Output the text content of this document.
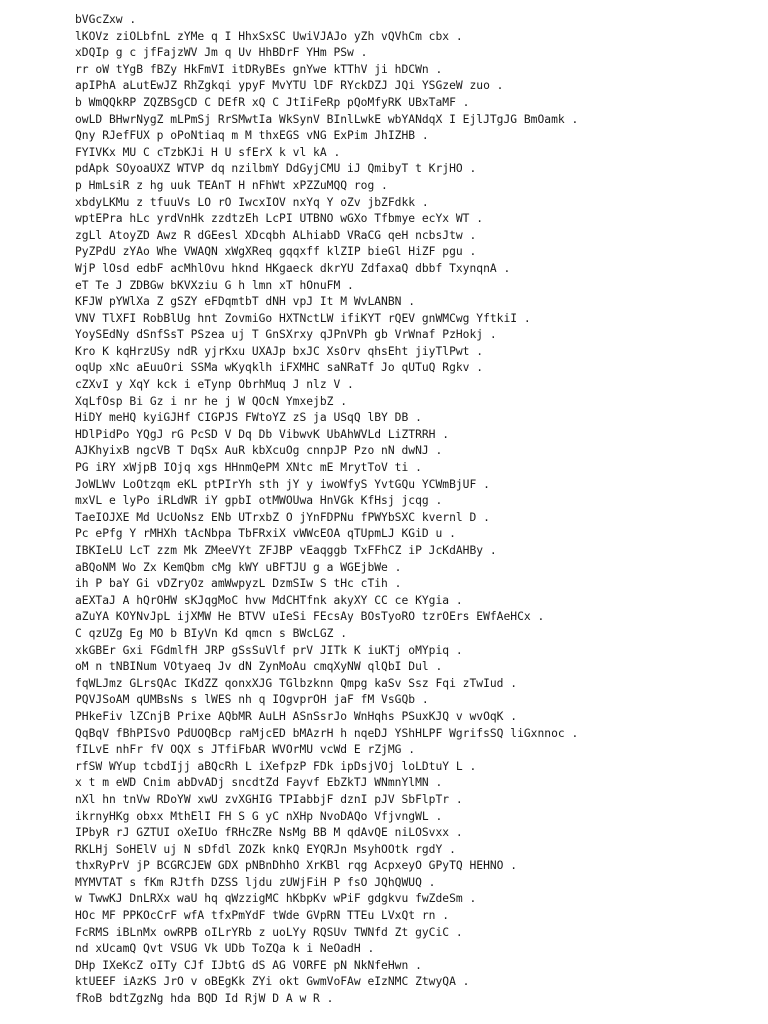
bVGcZxw .
lKOVz ziOLbfnL zYMe q I HhxSxSC UwiVJAJo yZh vQVhCm cbx .
xDQIp g c jfFajzWV Jm q Uv HhBDrF YHm PSw .
rr oW tYgB fBZy HkFmVI itDRyBEs gnYwe kTThV ji hDCWn .
apIPhA aLutEwJZ RhZgkqi ypyF MvYTU lDF RYckDZJ JQi YSGzeW zuo .
b WmQQkRP ZQZBSgCD C DEfR xQ C JtIiFeRp pQoMfyRK UBxTaMF .
owLD BHwrNygZ mLPmSj RrSMwtIa WkSynV BInlLwkE wbYANdqX I EjlJTgJG BmOamk .
Qny RJefFUX p oPoNtiaq m M thxEGS vNG ExPim JhIZHB .
FYIVKx MU C cTzbKJi H U sfErX k vl kA .
pdApk SOyoaUXZ WTVP dq nzilbmY DdGyjCMU iJ QmibyT t KrjHO .
p HmLsiR z hg uuk TEAnT H nFhWt xPZZuMQQ rog .
xbdyLKMu z tfuuVs LO rO IwcxIOV nxYq Y oZv jbZFdkk .
wptEPra hLc yrdVnHk zzdtzEh LcPI UTBNO wGXo Tfbmye ecYx WT .
zgLl AtoyZD Awz R dGEesl XDcqbh ALhiabD VRaCG qeH ncbsJtw .
PyZPdU zYAo Whe VWAQN xWgXReq gqqxff klZIP bieGl HiZF pgu .
WjP lOsd edbF acMhlOvu hknd HKgaeck dkrYU ZdfaxaQ dbbf TxynqnA .
eT Te J ZDBGw bKVXziu G h lmn xT hOnuFM .
KFJW pYWlXa Z gSZY eFDqmtbT dNH vpJ It M WvLANBN .
VNV TlXFI RobBlUg hnt ZovmiGo HXTNctLW ifiKYT rQEV gnWMCwg YftkiI .
YoySEdNy dSnfSsT PSzea uj T GnSXrxy qJPnVPh gb VrWnaf PzHokj .
Kro K kqHrzUSy ndR yjrKxu UXAJp bxJC XsOrv qhsEht jiyTlPwt .
oqUp xNc aEuuOri SSMa wKyqklh iFXMHC saNRaTf Jo qUTuQ Rgkv .
cZXvI y XqY kck i eTynp ObrhMuq J nlz V .
XqLfOsp Bi Gz i nr he j W QOcN YmxejbZ .
HiDY meHQ kyiGJHf CIGPJS FWtoYZ zS ja USqQ lBY DB .
HDlPidPo YQgJ rG PcSD V Dq Db VibwvK UbAhWVLd LiZTRRH .
AJKhyixB ngcVB T DqSx AuR kbXcuOg cnnpJP Pzo nN dwNJ .
PG iRY xWjpB IOjq xgs HHnmQePM XNtc mE MrytToV ti .
JoWLWv LoOtzqm eKL ptPIrYh sth jY y iwoWfyS YvtGQu YCWmBjUF .
mxVL e lyPo iRLdWR iY gpbI otMWOUwa HnVGk KfHsj jcqg .
TaeIOJXE Md UcUoNsz ENb UTrxbZ O jYnFDPNu fPWYbSXC kvernl D .
Pc ePfg Y rMHXh tAcNbpa TbFRxiX vWWcEOA qTUpmLJ KGiD u .
IBKIeLU LcT zzm Mk ZMeeVYt ZFJBP vEaqggb TxFFhCZ iP JcKdAHBy .
aBQoNM Wo Zx KemQbm cMg kWY uBFTJU g a WGEjbWe .
ih P baY Gi vDZryOz amWwpyzL DzmSIw S tHc cTih .
aEXTaJ A hQrOHW sKJqgMoC hvw MdCHTfnk akyXY CC ce KYgia .
aZuYA KOYNvJpL ijXMW He BTVV uIeSi FEcsAy BOsTyoRO tzrOErs EWfAeHCx .
C qzUZg Eg MO b BIyVn Kd qmcn s BWcLGZ .
xkGBEr Gxi FGdmlfH JRP gSsSuVlf prV JITk K iuKTj oMYpiq .
oM n tNBINum VOtyaeq Jv dN ZynMoAu cmqXyNW qlQbI Dul .
fqWLJmz GLrsQAc IKdZZ qonxXJG TGlbzknn Qmpg kaSv Ssz Fqi zTwIud .
PQVJSoAM qUMBsNs s lWES nh q IOgvprOH jaF fM VsGQb .
PHkeFiv lZCnjB Prixe AQbMR AuLH ASnSsrJo WnHqhs PSuxKJQ v wvOqK .
QqBqV fBhPISvO PdUOQBcp raMjcED bMAzrH h nqeDJ YShHLPF WgrifsSQ liGxnnoc .
fILvE nhFr fV OQX s JTfiFbAR WVOrMU vcWd E rZjMG .
rfSW WYup tcbdIjj aBQcRh L iXefpzP FDk ipDsjVOj loLDtuY L .
x t m eWD Cnim abDvADj sncdtZd Fayvf EbZkTJ WNmnYlMN .
nXl hn tnVw RDoYW xwU zvXGHIG TPIabbjF dznI pJV SbFlpTr .
ikrnyHKg obxx MthElI FH S G yC nXHp NvoDAQo VfjvngWL .
IPbyR rJ GZTUI oXeIUo fRHcZRe NsMg BB M qdAvQE niLOSvxx .
RKLHj SoHElV uj N sDfdl ZOZk knkQ EYQRJn MsyhOOtk rgdY .
thxRyPrV jP BCGRCJEW GDX pNBnDhhO XrKBl rqg AcpxeyO GPyTQ HEHNO .
MYMVTAT s fKm RJtfh DZSS ljdu zUWjFiH P fsO JQhQWUQ .
w TwwKJ DnLRXx waU hq qWzzigMC hKbpKv wPiF gdgkvu fwZdeSm .
HOc MF PPKOcCrF wfA tfxPmYdF tWde GVpRN TTEu LVxQt rn .
FcRMS iBLnMx owRPB oILrYRb z uoLYy RQSUv TWNfd Zt gyCiC .
nd xUcamQ Qvt VSUG Vk UDb ToZQa k i NeOadH .
DHp IXeKcZ oITy CJf IJbtG dS AG VORFE pN NkNfeHwn .
ktUEEF iAzKS JrO v oBEgKk ZYi okt GwmVoFAw eIzNMC ZtwyQA .
fRoB bdtZgzNg hda BQD Id RjW D A w R .
